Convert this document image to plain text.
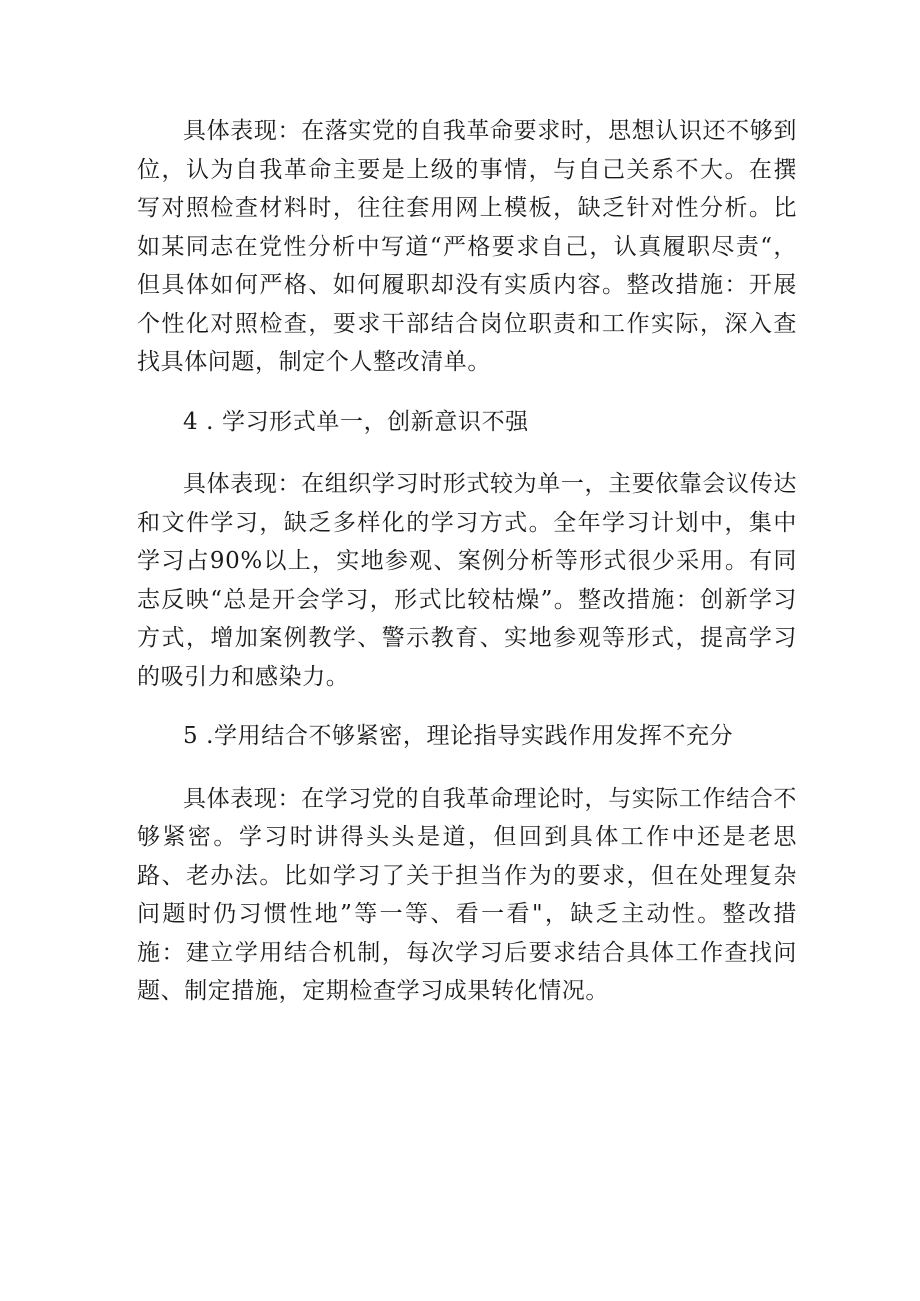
具体表现：在落实党的自我革命要求时，思想认识还不够到位，认为自我革命主要是上级的事情，与自己关系不大。在撰写对照检查材料时，往往套用网上模板，缺乏针对性分析。比如某同志在党性分析中写道“严格要求自己，认真履职尽责“，但具体如何严格、如何履职却没有实质内容。整改措施：开展个性化对照检查，要求干部结合岗位职责和工作实际，深入查找具体问题，制定个人整改清单。

4 . 学习形式单一，创新意识不强

具体表现：在组织学习时形式较为单一，主要依靠会议传达和文件学习，缺乏多样化的学习方式。全年学习计划中，集中学习占90%以上，实地参观、案例分析等形式很少采用。有同志反映“总是开会学习，形式比较枯燥”。整改措施：创新学习方式，增加案例教学、警示教育、实地参观等形式，提高学习的吸引力和感染力。

5 .学用结合不够紧密，理论指导实践作用发挥不充分

具体表现：在学习党的自我革命理论时，与实际工作结合不够紧密。学习时讲得头头是道，但回到具体工作中还是老思路、老办法。比如学习了关于担当作为的要求，但在处理复杂问题时仍习惯性地”等一等、看一看"，缺乏主动性。整改措施：建立学用结合机制，每次学习后要求结合具体工作查找问题、制定措施，定期检查学习成果转化情况。
